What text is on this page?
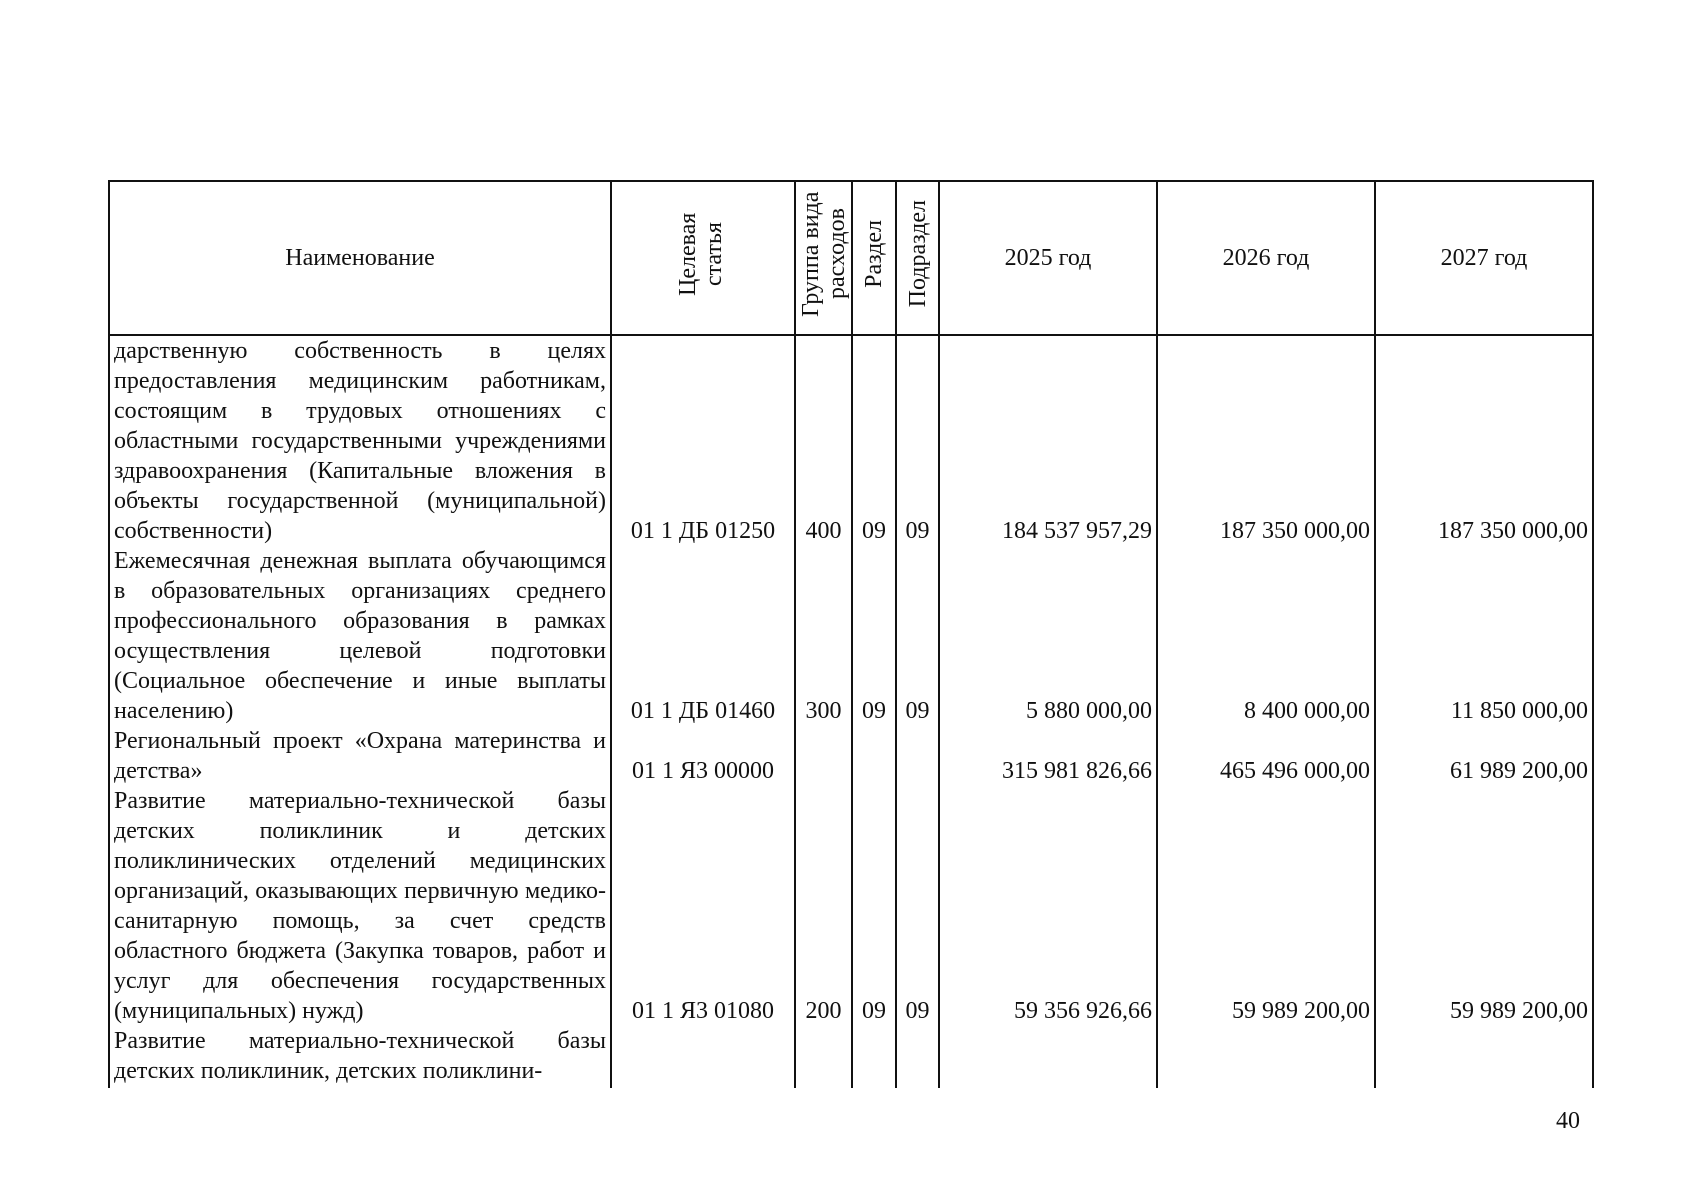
Наименование	Целевая статья	Группа вида расходов	Раздел	Подраздел	2025 год	2026 год	2027 год
дарственную собственность в целях предоставления медицинским работникам, состоящим в трудовых отношениях с областными государственными учреждениями здравоохранения (Капитальные вложения в объекты государственной (муниципальной) собственности)	01 1 ДБ 01250	400	09	09	184 537 957,29	187 350 000,00	187 350 000,00
Ежемесячная денежная выплата обучающимся в образовательных организациях среднего профессионального образования в рамках осуществления целевой подготовки (Социальное обеспечение и иные выплаты населению)	01 1 ДБ 01460	300	09	09	5 880 000,00	8 400 000,00	11 850 000,00
Региональный проект «Охрана материнства и детства»	01 1 Я3 00000				315 981 826,66	465 496 000,00	61 989 200,00
Развитие материально-технической базы детских поликлиник и детских поликлинических отделений медицинских организаций, оказывающих первичную медико-санитарную помощь, за счет средств областного бюджета (Закупка товаров, работ и услуг для обеспечения государственных (муниципальных) нужд)	01 1 Я3 01080	200	09	09	59 356 926,66	59 989 200,00	59 989 200,00
Развитие материально-технической базы детских поликлиник, детских поликлини-							
40
